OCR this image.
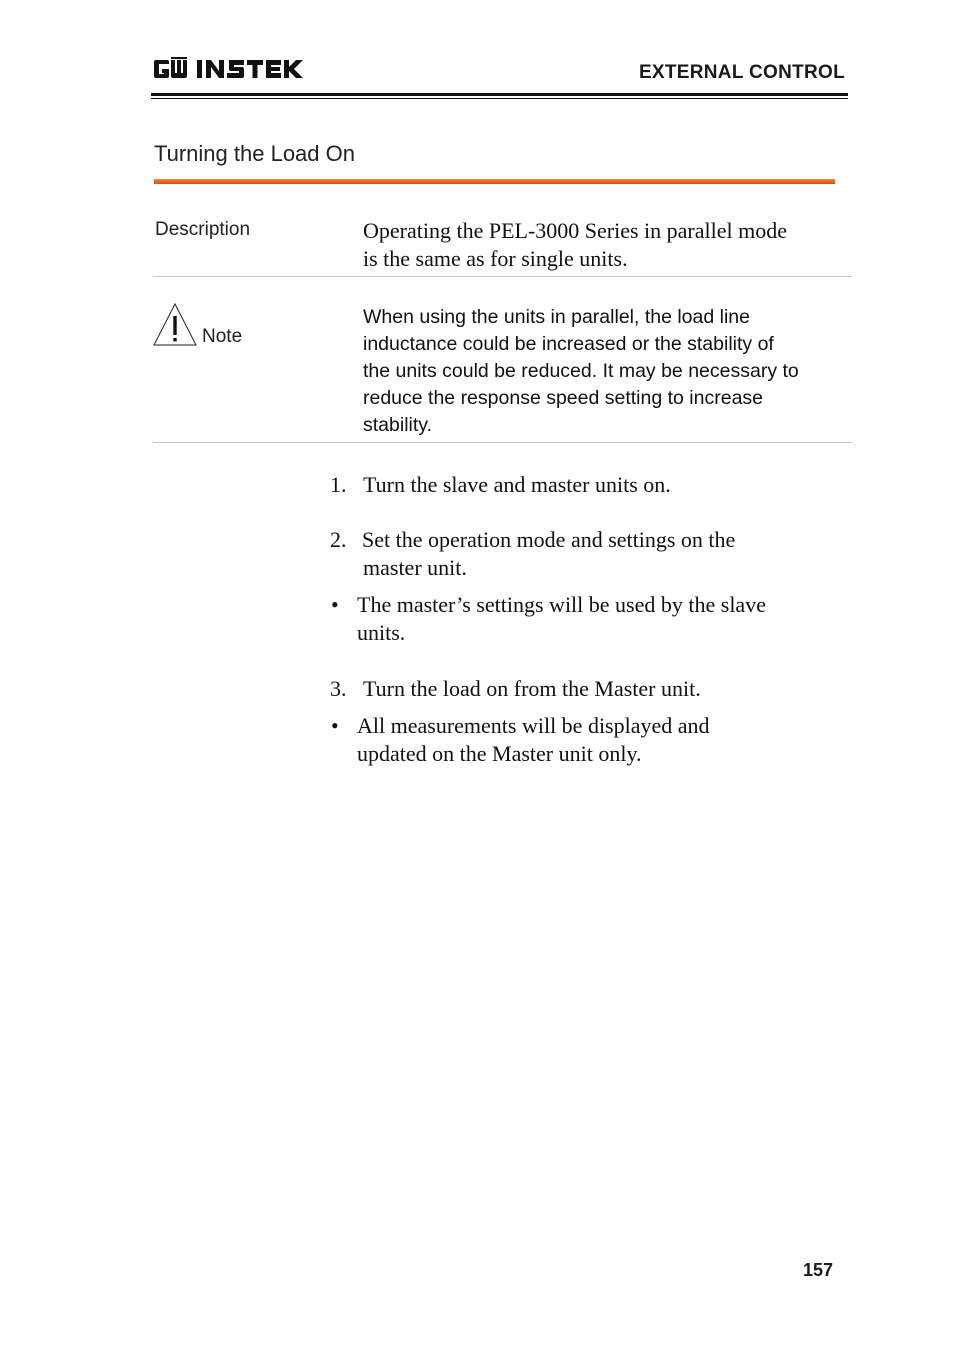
EXTERNAL CONTROL
Turning the Load On
Description	Operating the PEL-3000 Series in parallel mode
is the same as for single units.
Note
When using the units in parallel, the load line
inductance could be increased or the stability of
the units could be reduced. It may be necessary to
reduce the response speed setting to increase
stability.
1. Turn the slave and master units on.
2. Set the operation mode and settings on the
master unit.
• The master’s settings will be used by the slave
units.
3. Turn the load on from the Master unit.
• All measurements will be displayed and
updated on the Master unit only.
157
